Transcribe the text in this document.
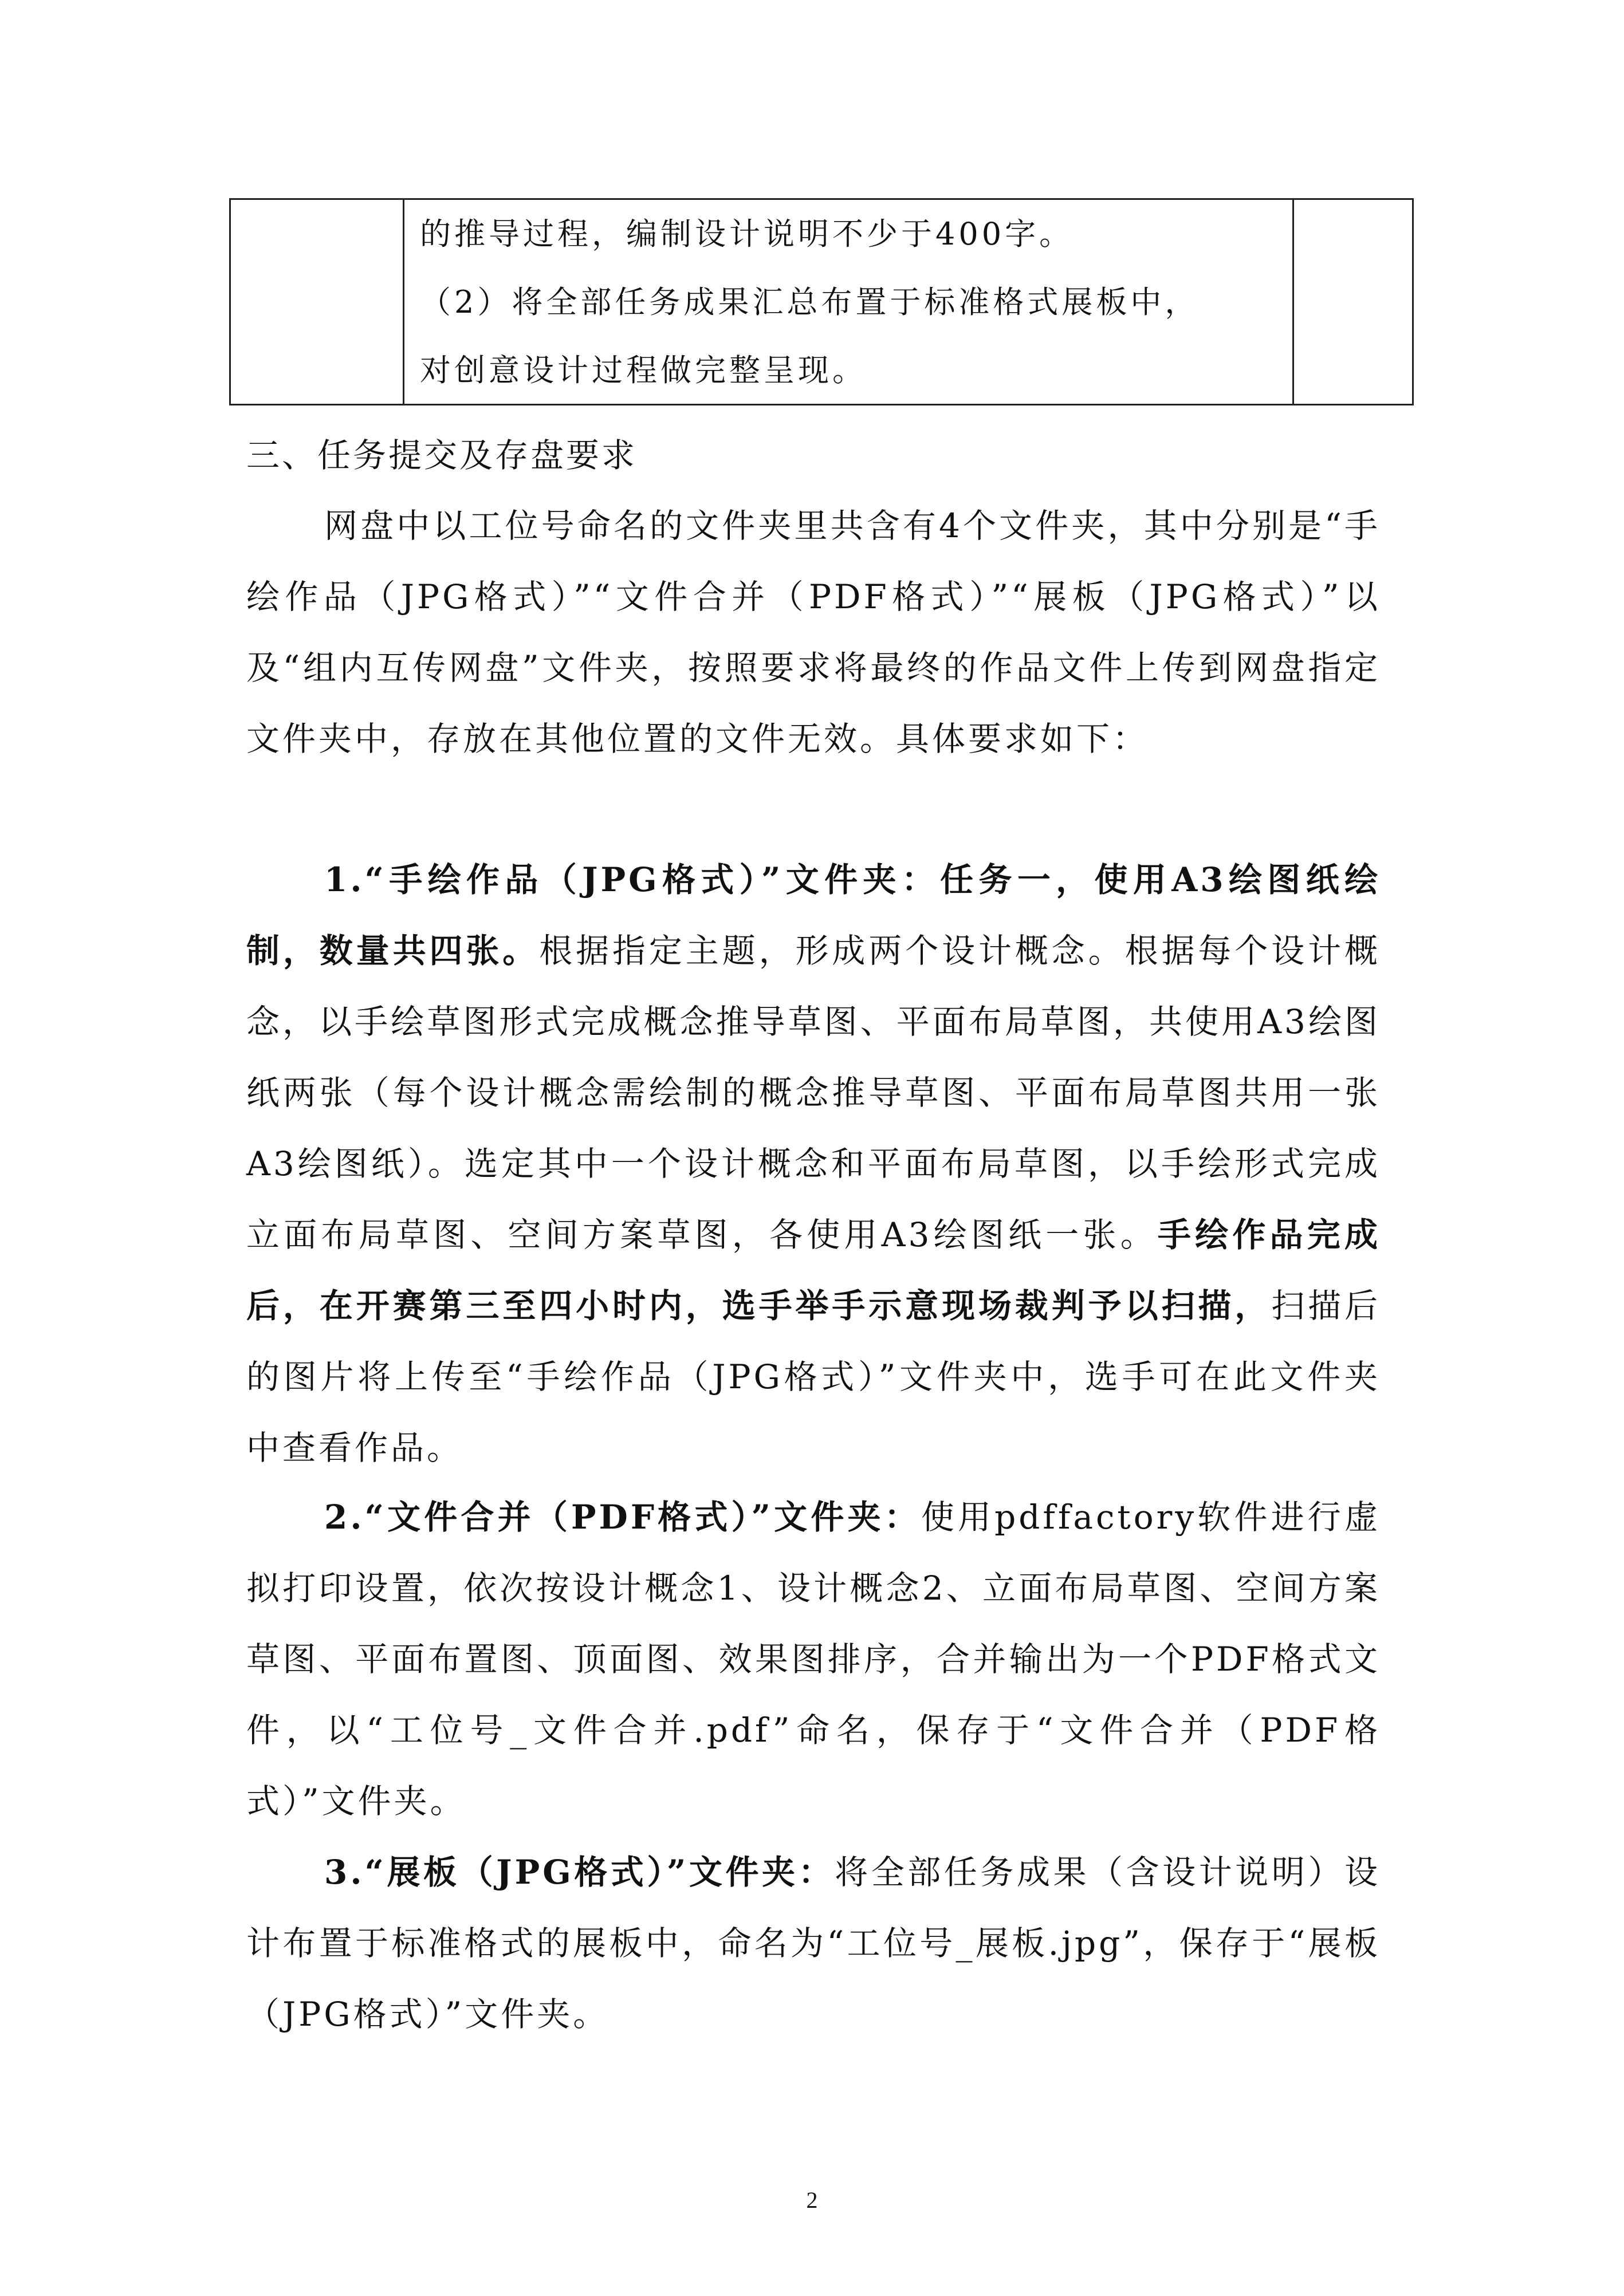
的推导过程，编制设计说明不少于400字。
（2）将全部任务成果汇总布置于标准格式展板中，
对创意设计过程做完整呈现。
三、任务提交及存盘要求
网盘中以工位号命名的文件夹里共含有4个文件夹，其中分别是“手绘作品（JPG格式）”“文件合并（PDF格式）”“展板（JPG格式）”以及“组内互传网盘”文件夹，按照要求将最终的作品文件上传到网盘指定文件夹中，存放在其他位置的文件无效。具体要求如下：
1.“手绘作品（JPG格式）”文件夹：任务一，使用A3绘图纸绘制，数量共四张。根据指定主题，形成两个设计概念。根据每个设计概念，以手绘草图形式完成概念推导草图、平面布局草图，共使用A3绘图纸两张（每个设计概念需绘制的概念推导草图、平面布局草图共用一张A3绘图纸）。选定其中一个设计概念和平面布局草图，以手绘形式完成立面布局草图、空间方案草图，各使用A3绘图纸一张。手绘作品完成后，在开赛第三至四小时内，选手举手示意现场裁判予以扫描，扫描后的图片将上传至“手绘作品（JPG格式）”文件夹中，选手可在此文件夹中查看作品。
2.“文件合并（PDF格式）”文件夹：使用pdffactory软件进行虚拟打印设置，依次按设计概念1、设计概念2、立面布局草图、空间方案草图、平面布置图、顶面图、效果图排序，合并输出为一个PDF格式文件，以“工位号_文件合并.pdf”命名，保存于“文件合并（PDF格式）”文件夹。
3.“展板（JPG格式）”文件夹：将全部任务成果（含设计说明）设计布置于标准格式的展板中，命名为“工位号_展板.jpg”，保存于“展板（JPG格式）”文件夹。
2
